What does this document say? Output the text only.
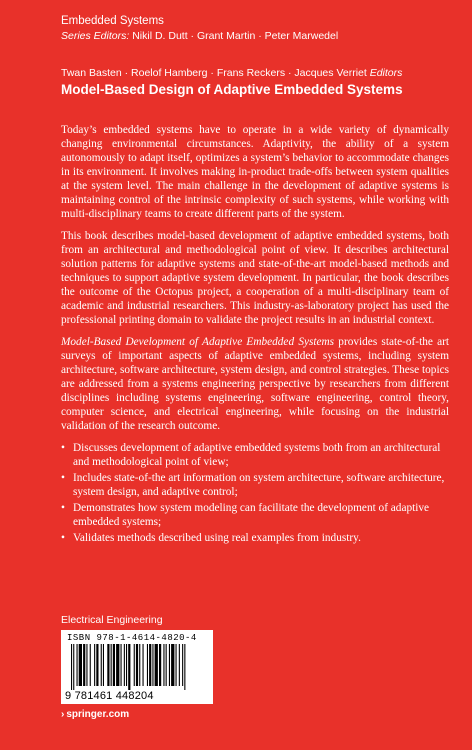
Embedded Systems
Series Editors: Nikil D. Dutt · Grant Martin · Peter Marwedel
Twan Basten · Roelof Hamberg · Frans Reckers · Jacques Verriet Editors
Model-Based Design of Adaptive Embedded Systems

Today’s embedded systems have to operate in a wide variety of dynamically changing environmental circumstances. Adaptivity, the ability of a system autonomously to adapt itself, optimizes a system’s behavior to accommodate changes in its environment. It involves making in-product trade-offs between system qualities at the system level. The main challenge in the development of adaptive systems is maintaining control of the intrinsic complexity of such systems, while working with multi-disciplinary teams to create different parts of the system.

This book describes model-based development of adaptive embedded systems, both from an architectural and methodological point of view. It describes architectural solution patterns for adaptive systems and state-of-the-art model-based methods and techniques to support adaptive system development. In particular, the book describes the outcome of the Octopus project, a cooperation of a multi-disciplinary team of academic and industrial researchers. This industry-as-laboratory project has used the professional printing domain to validate the project results in an industrial context.

Model-Based Development of Adaptive Embedded Systems provides state-of-the art surveys of important aspects of adaptive embedded systems, including system architecture, software architecture, system design, and control strategies. These topics are addressed from a systems engineering perspective by researchers from different disciplines including systems engineering, software engineering, control theory, computer science, and electrical engineering, while focusing on the industrial validation of the research outcome.

• Discusses development of adaptive embedded systems both from an architectural and methodological point of view;
• Includes state-of-the art information on system architecture, software architecture, system design, and adaptive control;
• Demonstrates how system modeling can facilitate the development of adaptive embedded systems;
• Validates methods described using real examples from industry.
Electrical Engineering
ISBN 978-1-4614-4820-4
9 781461 448204
› springer.com
